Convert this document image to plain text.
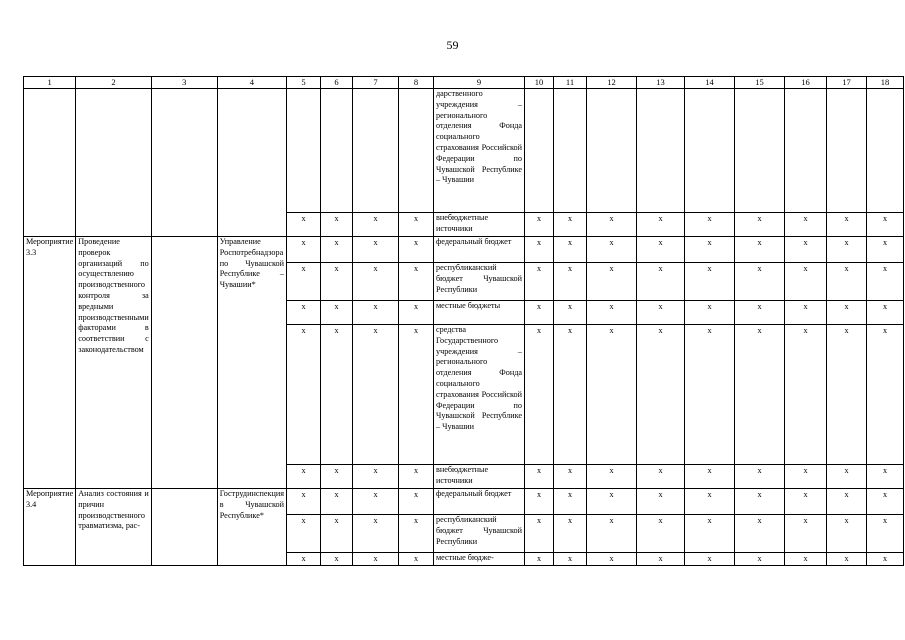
59
1	2	3	4	5	6	7	8	9	10	11	12	13	14	15	16	17	18
								дарственного учреждения – регионального отделения Фонда социального страхования Российской Федерации по Чувашской Республике – Чувашии									
				х	х	х	х	внебюджетные источники	х	х	х	х	х	х	х	х	х
Мероприятие 3.3	Проведение проверок организаций по осуществлению производственного контроля за вредными производственными факторами в соответствии с законодательством		Управление Роспотребнадзора по Чувашской Республике – Чувашии*	х	х	х	х	федеральный бюджет	х	х	х	х	х	х	х	х	х
				х	х	х	х	республиканский бюджет Чувашской Республики	х	х	х	х	х	х	х	х	х
				х	х	х	х	местные бюджеты	х	х	х	х	х	х	х	х	х
				х	х	х	х	средства Государственного учреждения – регионального отделения Фонда социального страхования Российской Федерации по Чувашской Республике – Чувашии	х	х	х	х	х	х	х	х	х
				х	х	х	х	внебюджетные источники	х	х	х	х	х	х	х	х	х
Мероприятие 3.4	Анализ состояния и причин производственного травматизма, рас-		Гострудинспекция в Чувашской Республике*	х	х	х	х	федеральный бюджет	х	х	х	х	х	х	х	х	х
				х	х	х	х	республиканский бюджет Чувашской Республики	х	х	х	х	х	х	х	х	х
				х	х	х	х	местные бюдже-	х	х	х	х	х	х	х	х	х
